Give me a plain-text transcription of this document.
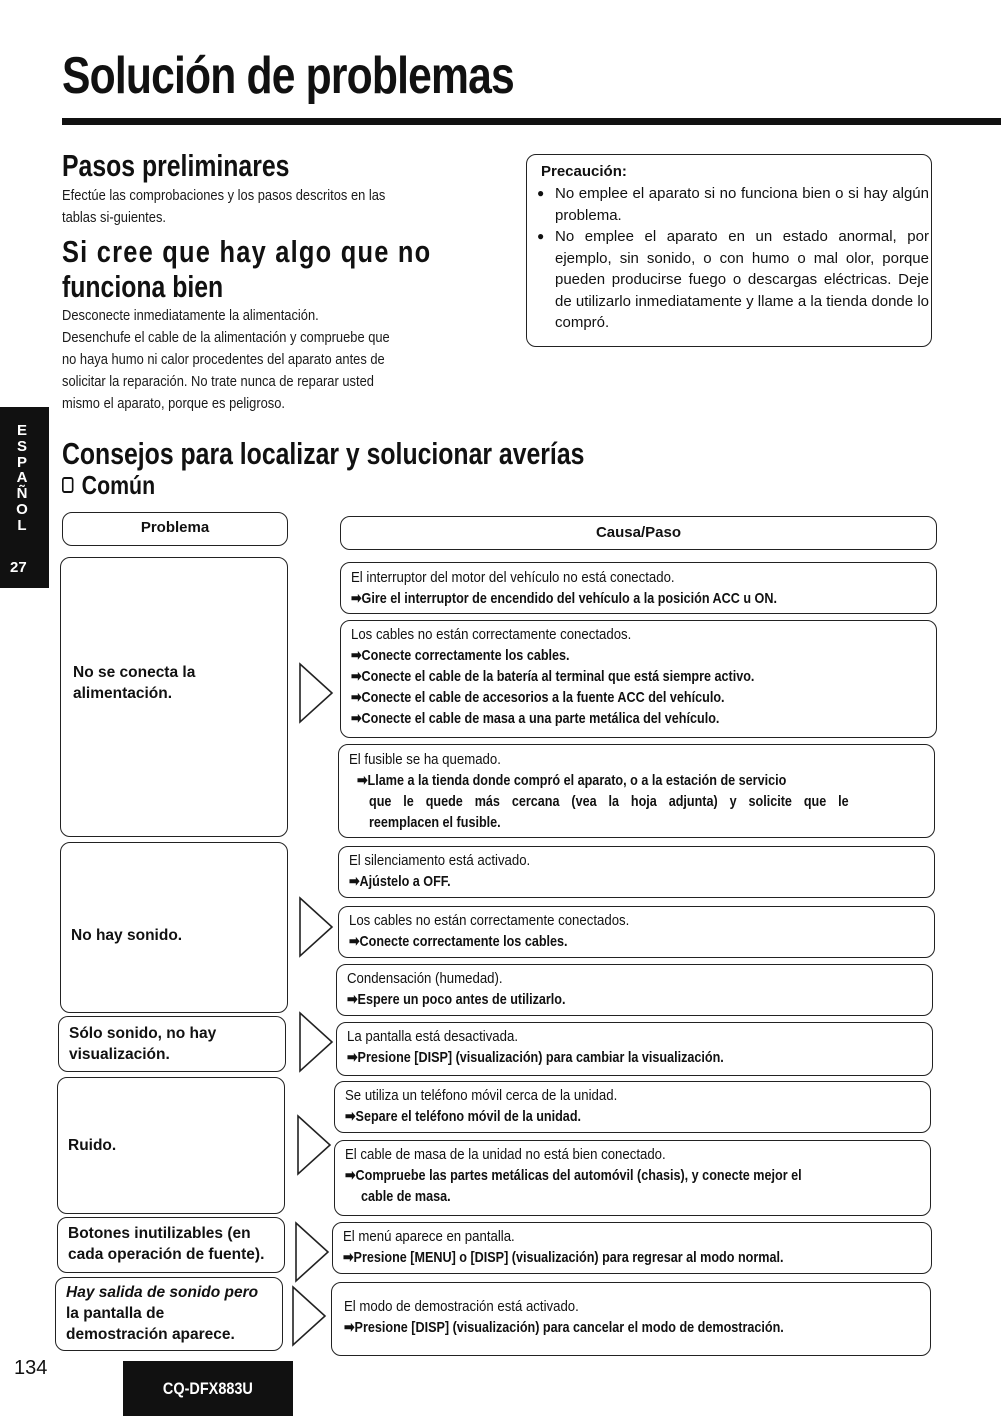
Solución de problemas
Pasos preliminares
Efectúe las comprobaciones y los pasos descritos en las
tablas si-guientes.
Si cree que hay algo que no
funciona bien
Desconecte inmediatamente la alimentación.
Desenchufe el cable de la alimentación y compruebe que
no haya humo ni calor procedentes del aparato antes de
solicitar la reparación. No trate nunca de reparar usted
mismo el aparato, porque es peligroso.
Precaución:
● No emplee el aparato si no funciona bien o si hay algún problema.
● No emplee el aparato en un estado anormal, por ejemplo, sin sonido, o con humo o mal olor, porque pueden producirse fuego o descargas eléctricas. Deje de utilizarlo inmediatamente y llame a la tienda donde lo compró.
E
S
P
A
Ñ
O
L
27
Consejos para localizar y solucionar averías
Común
Problema	Causa/Paso
No se conecta la
alimentación.
No hay sonido.
Sólo sonido, no hay
visualización.
Ruido.
Botones inutilizables (en
cada operación de fuente).
Hay salida de sonido pero
la pantalla de
demostración aparece.
El interruptor del motor del vehículo no está conectado.
➡Gire el interruptor de encendido del vehículo a la posición ACC u ON.
Los cables no están correctamente conectados.
➡Conecte correctamente los cables.
➡Conecte el cable de la batería al terminal que está siempre activo.
➡Conecte el cable de accesorios a la fuente ACC del vehículo.
➡Conecte el cable de masa a una parte metálica del vehículo.
El fusible se ha quemado.
➡Llame a la tienda donde compró el aparato, o a la estación de servicio
que le quede más cercana (vea la hoja adjunta) y solicite que le
reemplacen el fusible.
El silenciamento está activado.
➡Ajústelo a OFF.
Los cables no están correctamente conectados.
➡Conecte correctamente los cables.
Condensación (humedad).
➡Espere un poco antes de utilizarlo.
La pantalla está desactivada.
➡Presione [DISP] (visualización) para cambiar la visualización.
Se utiliza un teléfono móvil cerca de la unidad.
➡Separe el teléfono móvil de la unidad.
El cable de masa de la unidad no está bien conectado.
➡Compruebe las partes metálicas del automóvil (chasis), y conecte mejor el
cable de masa.
El menú aparece en pantalla.
➡Presione [MENU] o [DISP] (visualización) para regresar al modo normal.
El modo de demostración está activado.
➡Presione [DISP] (visualización) para cancelar el modo de demostración.
134
CQ-DFX883U
